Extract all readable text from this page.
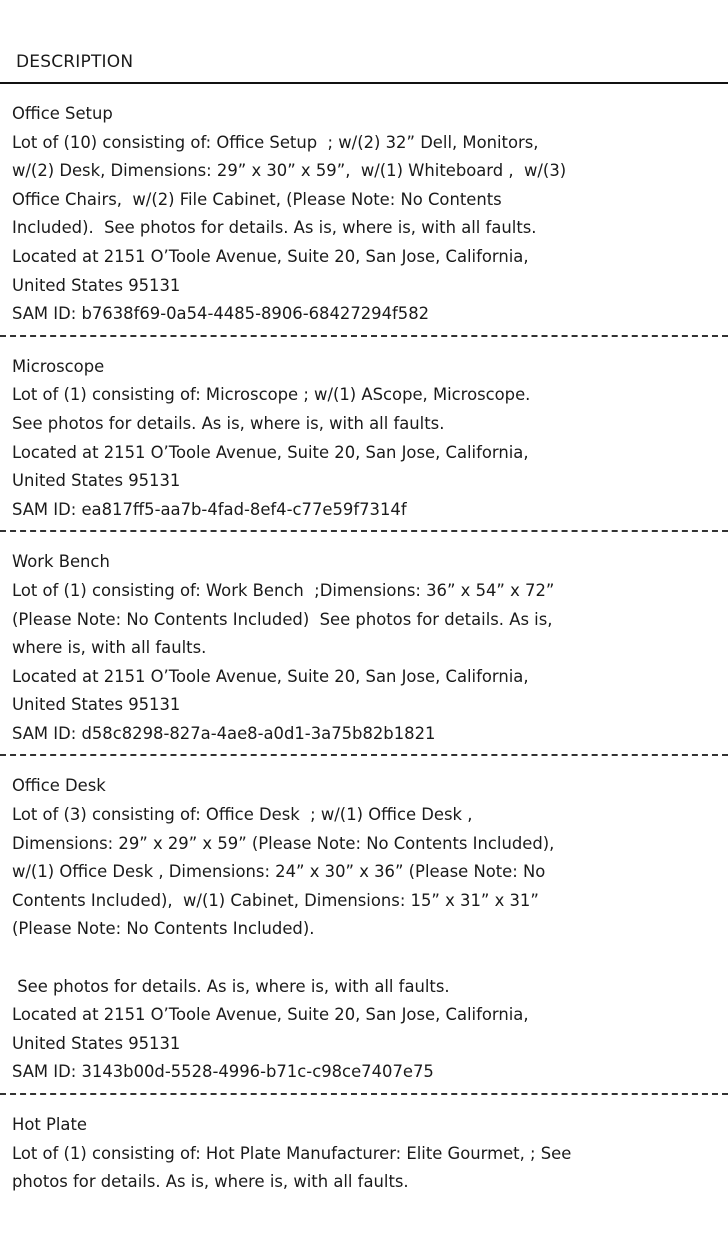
DESCRIPTION
Office Setup
Lot of (10) consisting of: Office Setup  ; w/(2) 32” Dell, Monitors,
w/(2) Desk, Dimensions: 29” x 30” x 59”,  w/(1) Whiteboard ,  w/(3)
Office Chairs,  w/(2) File Cabinet, (Please Note: No Contents
Included).  See photos for details. As is, where is, with all faults.
Located at 2151 O’Toole Avenue, Suite 20, San Jose, California,
United States 95131
SAM ID: b7638f69-0a54-4485-8906-68427294f582
Microscope
Lot of (1) consisting of: Microscope ; w/(1) AScope, Microscope.
See photos for details. As is, where is, with all faults.
Located at 2151 O’Toole Avenue, Suite 20, San Jose, California,
United States 95131
SAM ID: ea817ff5-aa7b-4fad-8ef4-c77e59f7314f
Work Bench
Lot of (1) consisting of: Work Bench  ;Dimensions: 36” x 54” x 72”
(Please Note: No Contents Included)  See photos for details. As is,
where is, with all faults.
Located at 2151 O’Toole Avenue, Suite 20, San Jose, California,
United States 95131
SAM ID: d58c8298-827a-4ae8-a0d1-3a75b82b1821
Office Desk
Lot of (3) consisting of: Office Desk  ; w/(1) Office Desk ,
Dimensions: 29” x 29” x 59” (Please Note: No Contents Included),
w/(1) Office Desk , Dimensions: 24” x 30” x 36” (Please Note: No
Contents Included),  w/(1) Cabinet, Dimensions: 15” x 31” x 31”
(Please Note: No Contents Included).
See photos for details. As is, where is, with all faults.
Located at 2151 O’Toole Avenue, Suite 20, San Jose, California,
United States 95131
SAM ID: 3143b00d-5528-4996-b71c-c98ce7407e75
Hot Plate
Lot of (1) consisting of: Hot Plate Manufacturer: Elite Gourmet, ; See
photos for details. As is, where is, with all faults.
